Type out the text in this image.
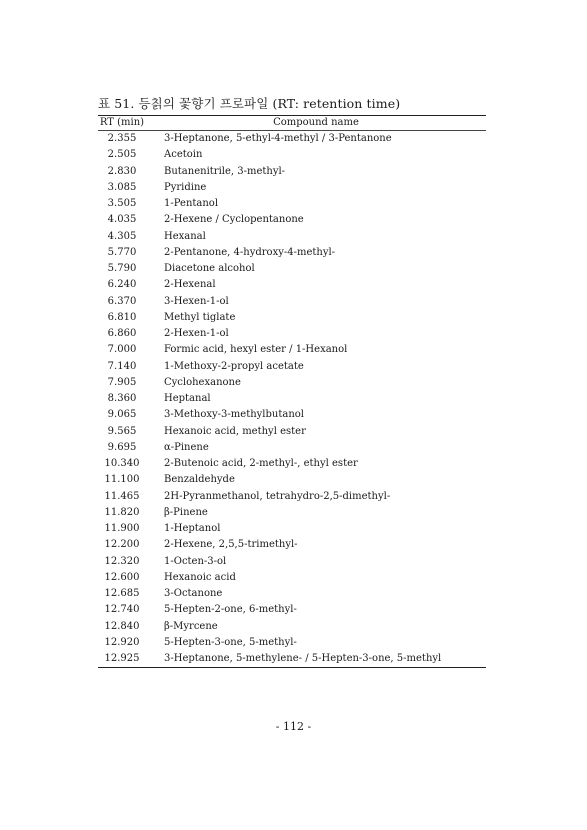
표 51. 등칡의 꽃향기 프로파일 (RT: retention time)
RT (min)	Compound name
2.355	3-Heptanone, 5-ethyl-4-methyl / 3-Pentanone
2.505	Acetoin
2.830	Butanenitrile, 3-methyl-
3.085	Pyridine
3.505	1-Pentanol
4.035	2-Hexene / Cyclopentanone
4.305	Hexanal
5.770	2-Pentanone, 4-hydroxy-4-methyl-
5.790	Diacetone alcohol
6.240	2-Hexenal
6.370	3-Hexen-1-ol
6.810	Methyl tiglate
6.860	2-Hexen-1-ol
7.000	Formic acid, hexyl ester / 1-Hexanol
7.140	1-Methoxy-2-propyl acetate
7.905	Cyclohexanone
8.360	Heptanal
9.065	3-Methoxy-3-methylbutanol
9.565	Hexanoic acid, methyl ester
9.695	α-Pinene
10.340	2-Butenoic acid, 2-methyl-, ethyl ester
11.100	Benzaldehyde
11.465	2H-Pyranmethanol, tetrahydro-2,5-dimethyl-
11.820	β-Pinene
11.900	1-Heptanol
12.200	2-Hexene, 2,5,5-trimethyl-
12.320	1-Octen-3-ol
12.600	Hexanoic acid
12.685	3-Octanone
12.740	5-Hepten-2-one, 6-methyl-
12.840	β-Myrcene
12.920	5-Hepten-3-one, 5-methyl-
12.925	3-Heptanone, 5-methylene- / 5-Hepten-3-one, 5-methyl
- 112 -
